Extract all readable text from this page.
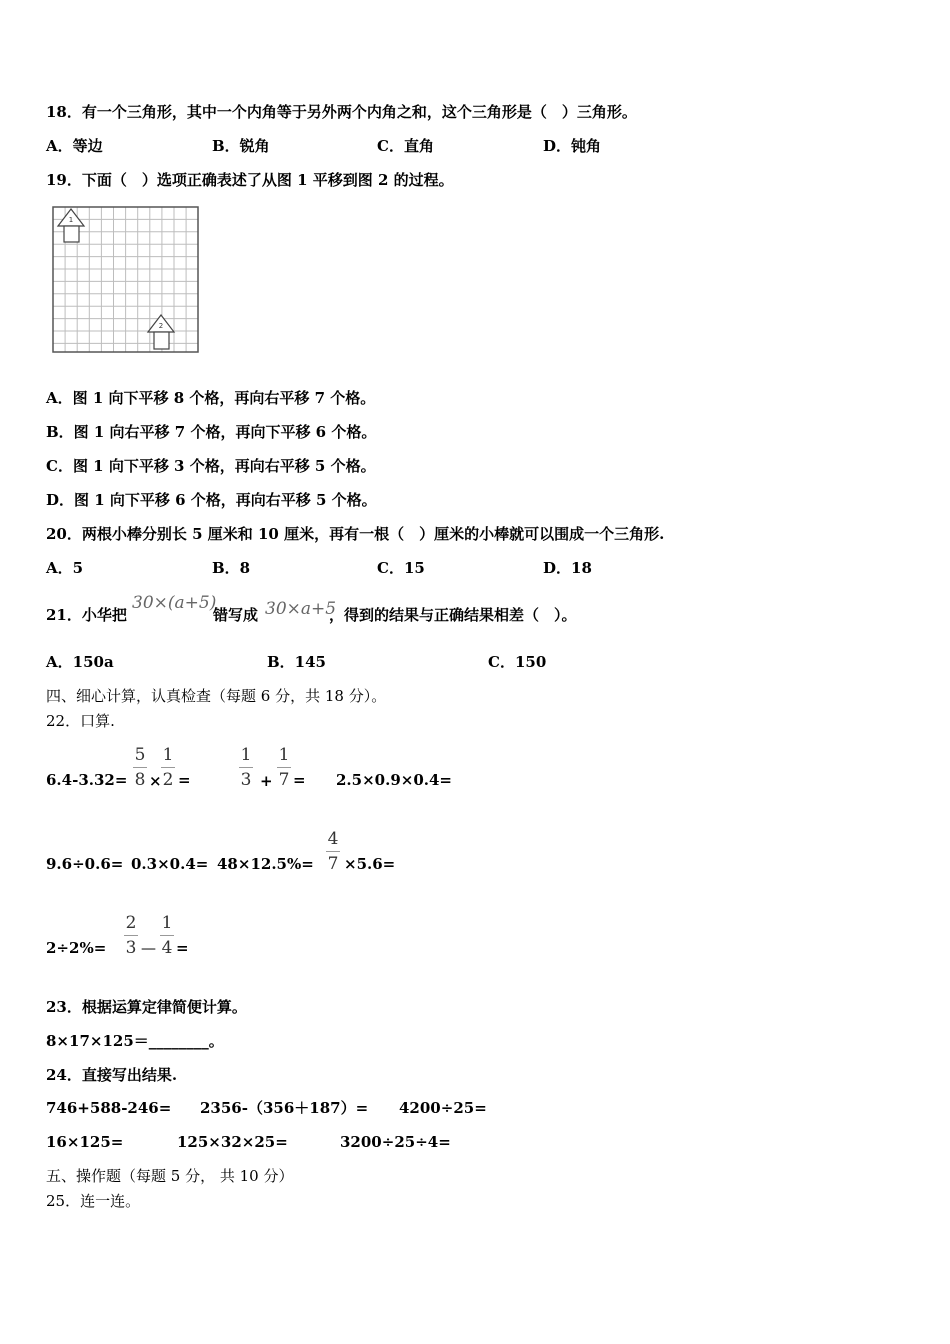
18．有一个三角形，其中一个内角等于另外两个内角之和，这个三角形是（　）三角形。
A．等边	B．锐角	C．直角	D．钝角
19．下面（　）选项正确表述了从图 1 平移到图 2 的过程。
1
2
A．图 1 向下平移 8 个格，再向右平移 7 个格。
B．图 1 向右平移 7 个格，再向下平移 6 个格。
C．图 1 向下平移 3 个格，再向右平移 5 个格。
D．图 1 向下平移 6 个格，再向右平移 5 个格。
20．两根小棒分别长 5 厘米和 10 厘米，再有一根（　）厘米的小棒就可以围成一个三角形.
A．5	B．8	C．15	D．18
21．小华把
30×(a+5)
错写成 30×a+5
，得到的结果与正确结果相差（　）。
A．150a	B．145	C．150
四、细心计算，认真检查（每题 6 分，共 18 分）。
22．口算.
6.4-3.32=
5
8 ×
1
2 =
1
3 +
1
7 = 2.5×0.9×0.4=
9.6÷0.6= 0.3×0.4= 48×12.5%=
4
7 ×5.6=
2÷2%=
2
3 —
1
4 =
23．根据运算定律简便计算。
8×17×125＝________。
24．直接写出结果.
746+588-246= 2356-（356＋187）= 4200÷25=
16×125=	125×32×25=	3200÷25÷4=
五、操作题（每题 5 分， 共 10 分）
25．连一连。
